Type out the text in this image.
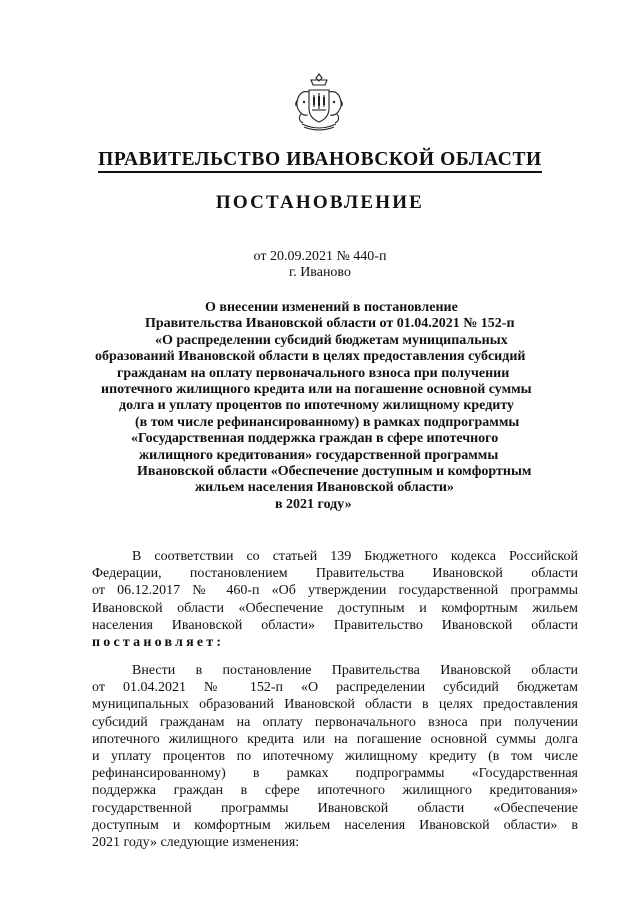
ПРАВИТЕЛЬСТВО ИВАНОВСКОЙ ОБЛАСТИ
ПОСТАНОВЛЕНИЕ
от 20.09.2021 № 440-п
г. Иваново
О внесении изменений в постановление
Правительства Ивановской области от 01.04.2021 № 152-п
«О распределении субсидий бюджетам муниципальных
образований Ивановской области в целях предоставления субсидий
гражданам на оплату первоначального взноса при получении
ипотечного жилищного кредита или на погашение основной суммы
долга и уплату процентов по ипотечному жилищному кредиту
(в том числе рефинансированному) в рамках подпрограммы
«Государственная поддержка граждан в сфере ипотечного
жилищного кредитования» государственной программы
Ивановской области «Обеспечение доступным и комфортным
жильем населения Ивановской области»
в 2021 году»
В соответствии со статьей 139 Бюджетного кодекса Российской
Федерации, постановлением Правительства Ивановской области
от 06.12.2017 № 460-п «Об утверждении государственной программы
Ивановской области «Обеспечение доступным и комфортным жильем
населения Ивановской области» Правительство Ивановской области
постановляет:
Внести в постановление Правительства Ивановской области
от 01.04.2021 № 152-п «О распределении субсидий бюджетам
муниципальных образований Ивановской области в целях предоставления
субсидий гражданам на оплату первоначального взноса при получении
ипотечного жилищного кредита или на погашение основной суммы долга
и уплату процентов по ипотечному жилищному кредиту (в том числе
рефинансированному) в рамках подпрограммы «Государственная
поддержка граждан в сфере ипотечного жилищного кредитования»
государственной программы Ивановской области «Обеспечение
доступным и комфортным жильем населения Ивановской области» в
2021 году» следующие изменения:
